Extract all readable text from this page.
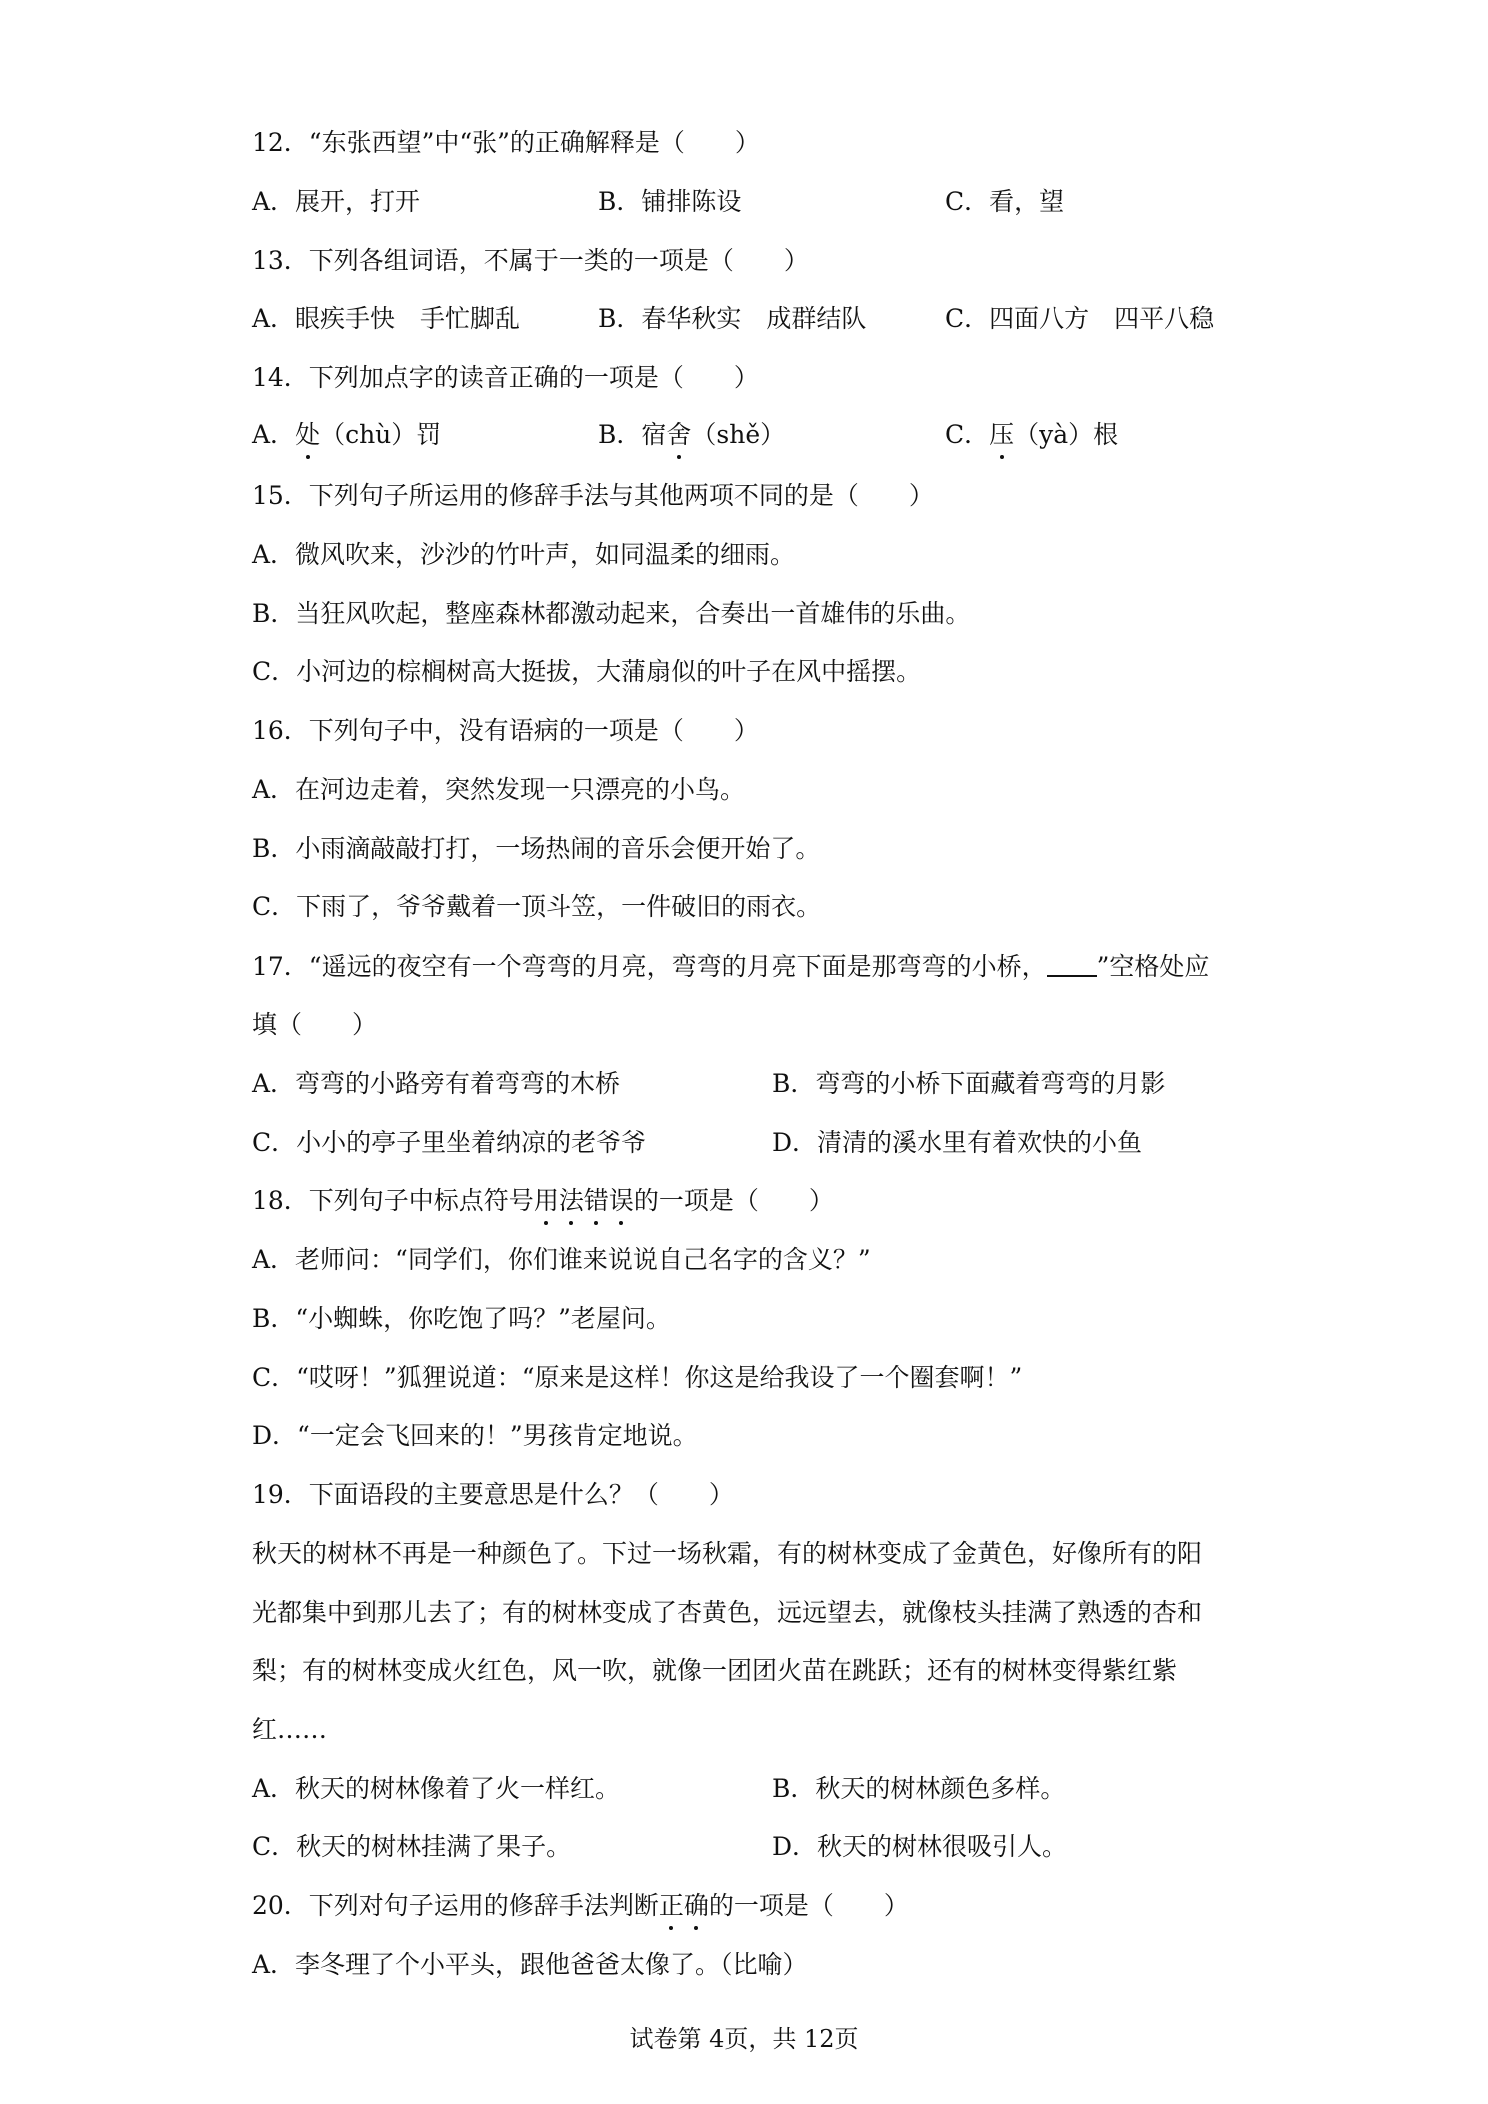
12．“东张西望”中“张”的正确解释是（　　）
A．展开，打开	B．铺排陈设	C．看，望
13．下列各组词语，不属于一类的一项是（　　）
A．眼疾手快　手忙脚乱	B．春华秋实　成群结队	C．四面八方　四平八稳
14．下列加点字的读音正确的一项是（　　）
A．处（chù）罚	B．宿舍（shě）	C．压（yà）根
15．下列句子所运用的修辞手法与其他两项不同的是（　　）
A．微风吹来，沙沙的竹叶声，如同温柔的细雨。
B．当狂风吹起，整座森林都激动起来，合奏出一首雄伟的乐曲。
C．小河边的棕榈树高大挺拔，大蒲扇似的叶子在风中摇摆。
16．下列句子中，没有语病的一项是（　　）
A．在河边走着，突然发现一只漂亮的小鸟。
B．小雨滴敲敲打打，一场热闹的音乐会便开始了。
C．下雨了，爷爷戴着一顶斗笠，一件破旧的雨衣。
17．“遥远的夜空有一个弯弯的月亮，弯弯的月亮下面是那弯弯的小桥， ”空格处应
填（　　）
A．弯弯的小路旁有着弯弯的木桥	B．弯弯的小桥下面藏着弯弯的月影
C．小小的亭子里坐着纳凉的老爷爷	D．清清的溪水里有着欢快的小鱼
18．下列句子中标点符号用法错误的一项是（　　）
A．老师问：“同学们，你们谁来说说自己名字的含义？”
B．“小蜘蛛，你吃饱了吗？”老屋问。
C．“哎呀！”狐狸说道：“原来是这样！你这是给我设了一个圈套啊！”
D．“一定会飞回来的！”男孩肯定地说。
19．下面语段的主要意思是什么？（　　）
秋天的树林不再是一种颜色了。下过一场秋霜，有的树林变成了金黄色，好像所有的阳
光都集中到那儿去了；有的树林变成了杏黄色，远远望去，就像枝头挂满了熟透的杏和
梨；有的树林变成火红色，风一吹，就像一团团火苗在跳跃；还有的树林变得紫红紫
红……
A．秋天的树林像着了火一样红。	B．秋天的树林颜色多样。
C．秋天的树林挂满了果子。	D．秋天的树林很吸引人。
20．下列对句子运用的修辞手法判断正确的一项是（　　）
A．李冬理了个小平头，跟他爸爸太像了。（比喻）
试卷第 4页，共 12页
